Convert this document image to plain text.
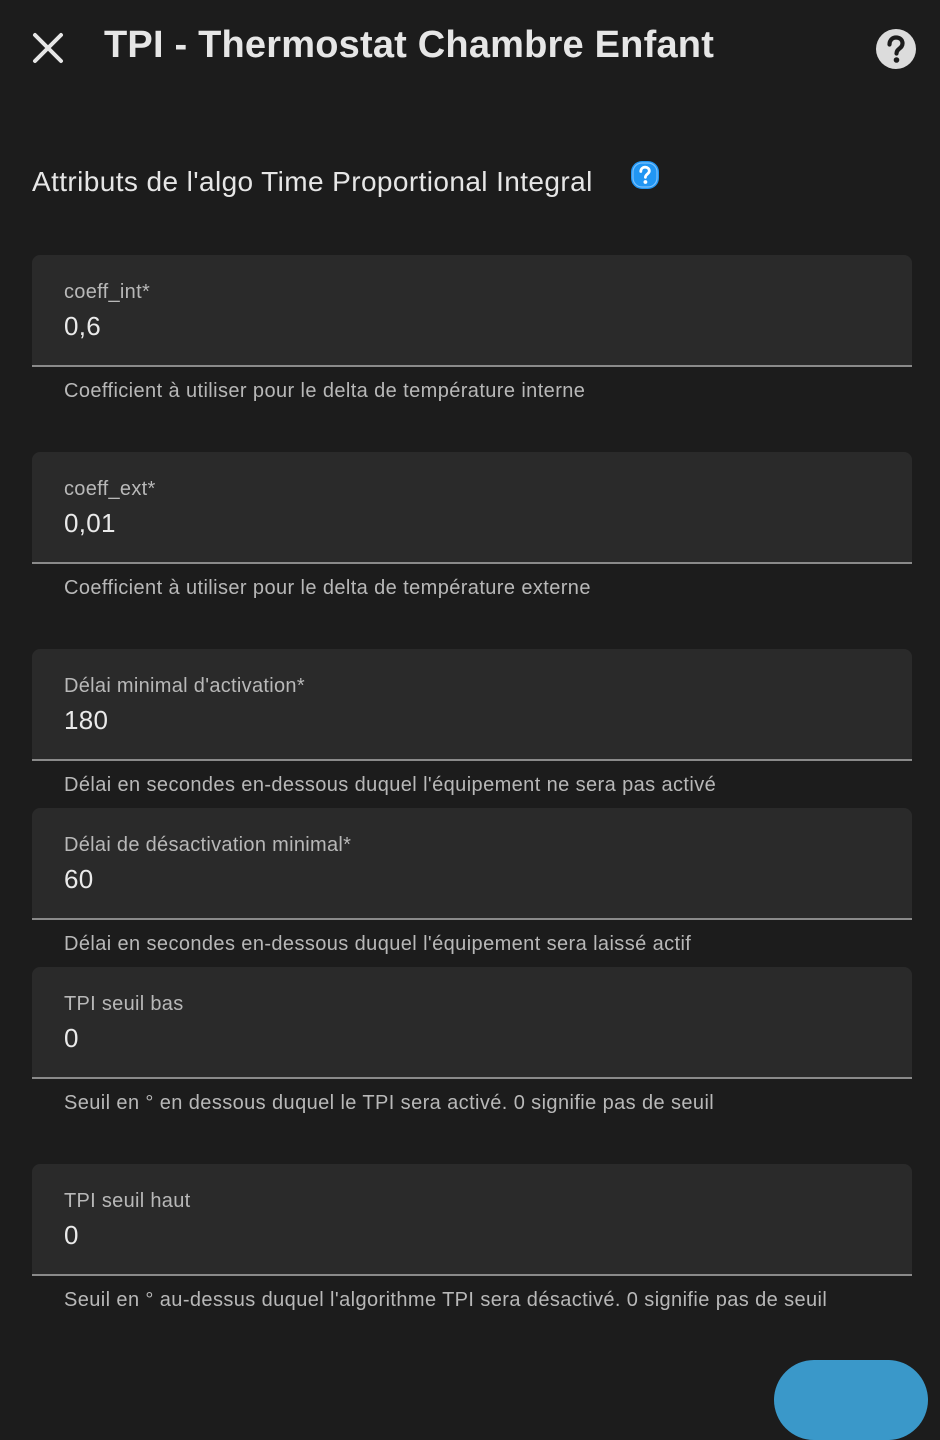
TPI - Thermostat Chambre Enfant
Attributs de l'algo Time Proportional Integral
coeff_int*
0,6
Coefficient à utiliser pour le delta de température interne
coeff_ext*
0,01
Coefficient à utiliser pour le delta de température externe
Délai minimal d'activation*
180
Délai en secondes en-dessous duquel l'équipement ne sera pas activé
Délai de désactivation minimal*
60
Délai en secondes en-dessous duquel l'équipement sera laissé actif
TPI seuil bas
0
Seuil en ° en dessous duquel le TPI sera activé. 0 signifie pas de seuil
TPI seuil haut
0
Seuil en ° au-dessus duquel l'algorithme TPI sera désactivé. 0 signifie pas de seuil
